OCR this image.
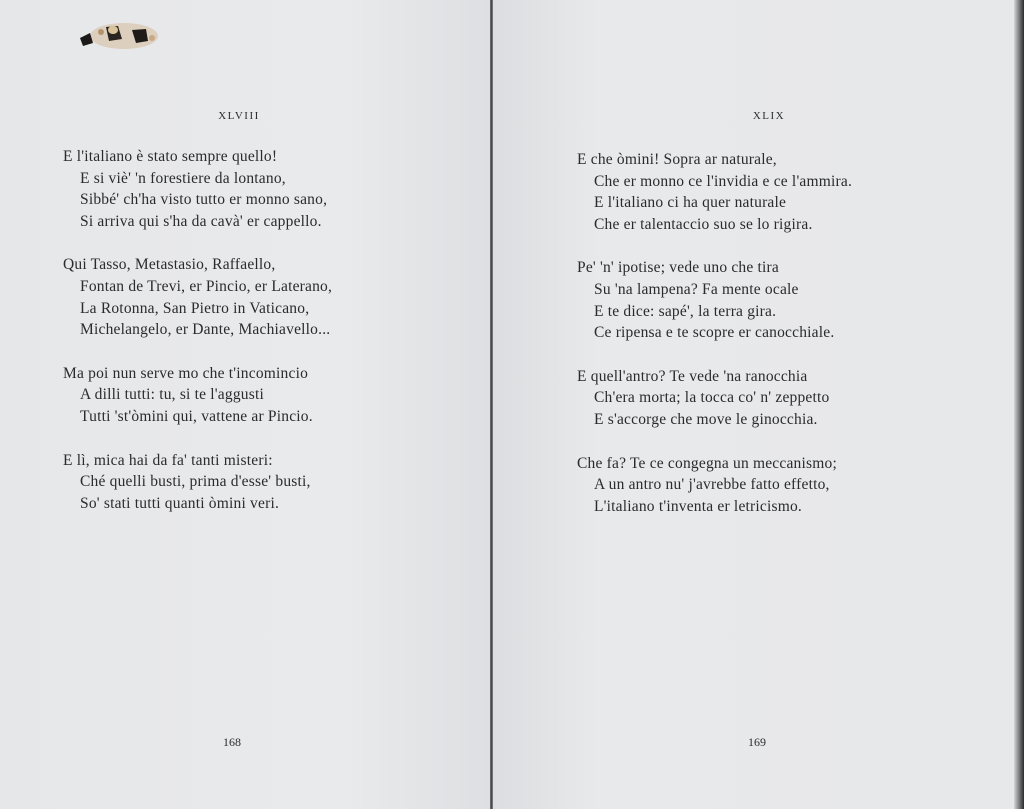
XLVIII
E l'italiano è stato sempre quello!
E si viè' 'n forestiere da lontano,
Sibbé' ch'ha visto tutto er monno sano,
Si arriva qui s'ha da cavà' er cappello.
Qui Tasso, Metastasio, Raffaello,
Fontan de Trevi, er Pincio, er Laterano,
La Rotonna, San Pietro in Vaticano,
Michelangelo, er Dante, Machiavello...
Ma poi nun serve mo che t'incomincio
A dilli tutti: tu, si te l'aggusti
Tutti 'st'òmini qui, vattene ar Pincio.
E lì, mica hai da fa' tanti misteri:
Ché quelli busti, prima d'esse' busti,
So' stati tutti quanti òmini veri.
168
XLIX
E che òmini! Sopra ar naturale,
Che er monno ce l'invidia e ce l'ammira.
E l'italiano ci ha quer naturale
Che er talentaccio suo se lo rigira.
Pe' 'n' ipotise; vede uno che tira
Su 'na lampena? Fa mente ocale
E te dice: sapé', la terra gira.
Ce ripensa e te scopre er canocchiale.
E quell'antro? Te vede 'na ranocchia
Ch'era morta; la tocca co' n' zeppetto
E s'accorge che move le ginocchia.
Che fa? Te ce congegna un meccanismo;
A un antro nu' j'avrebbe fatto effetto,
L'italiano t'inventa er letricismo.
169
